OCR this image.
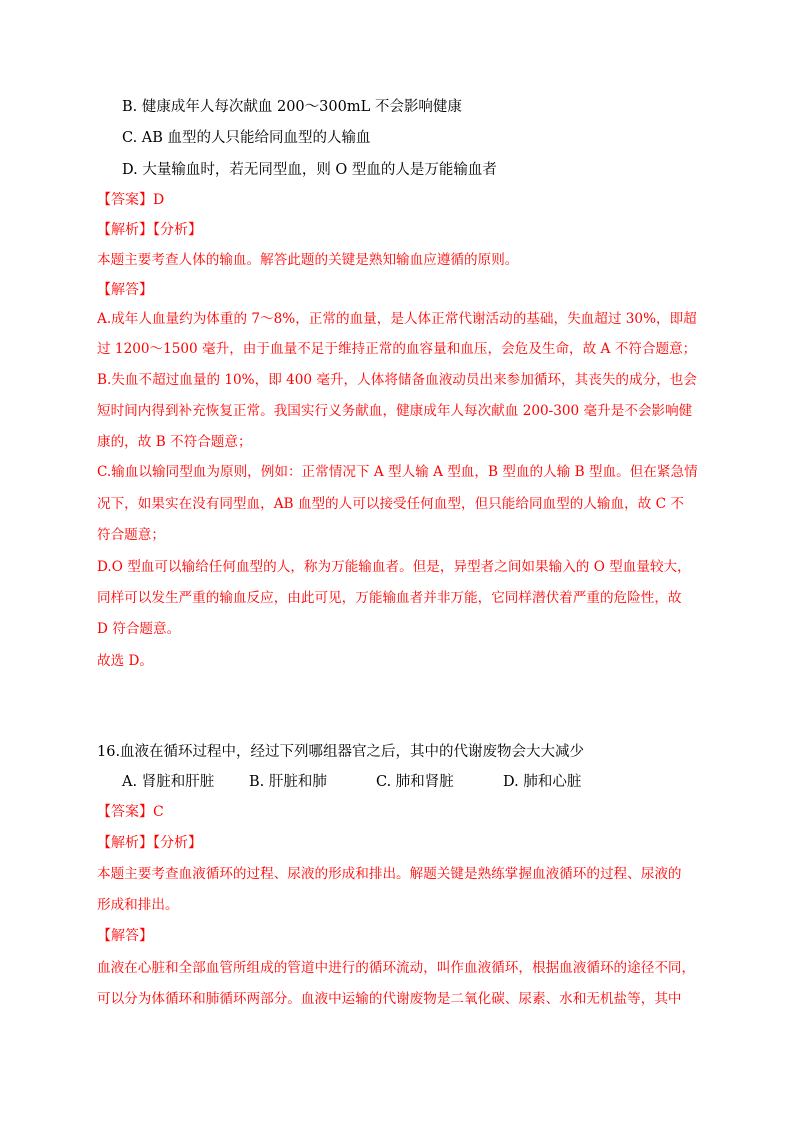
B. 健康成年人每次献血 200～300mL 不会影响健康
C. AB 血型的人只能给同血型的人输血
D. 大量输血时，若无同型血，则 O 型血的人是万能输血者
【答案】D
【解析】【分析】
本题主要考查人体的输血。解答此题的关键是熟知输血应遵循的原则。
【解答】
A.成年人血量约为体重的 7～8%，正常的血量，是人体正常代谢活动的基础，失血超过 30%，即超
过 1200～1500 毫升，由于血量不足于维持正常的血容量和血压，会危及生命，故 A 不符合题意；
B.失血不超过血量的 10%，即 400 毫升，人体将储备血液动员出来参加循环，其丧失的成分，也会
短时间内得到补充恢复正常。我国实行义务献血，健康成年人每次献血 200-300 毫升是不会影响健
康的，故 B 不符合题意；
C.输血以输同型血为原则，例如：正常情况下 A 型人输 A 型血，B 型血的人输 B 型血。但在紧急情
况下，如果实在没有同型血，AB 血型的人可以接受任何血型，但只能给同血型的人输血，故 C 不
符合题意；
D.O 型血可以输给任何血型的人，称为万能输血者。但是，异型者之间如果输入的 O 型血量较大，
同样可以发生严重的输血反应，由此可见，万能输血者并非万能，它同样潜伏着严重的危险性，故
D 符合题意。
故选 D。
16.血液在循环过程中，经过下列哪组器官之后，其中的代谢废物会大大减少
A. 肾脏和肝脏 B. 肝脏和肺	C. 肺和肾脏	D. 肺和心脏
【答案】C
【解析】【分析】
本题主要考查血液循环的过程、尿液的形成和排出。解题关键是熟练掌握血液循环的过程、尿液的
形成和排出。
【解答】
血液在心脏和全部血管所组成的管道中进行的循环流动，叫作血液循环，根据血液循环的途径不同，
可以分为体循环和肺循环两部分。血液中运输的代谢废物是二氧化碳、尿素、水和无机盐等，其中
